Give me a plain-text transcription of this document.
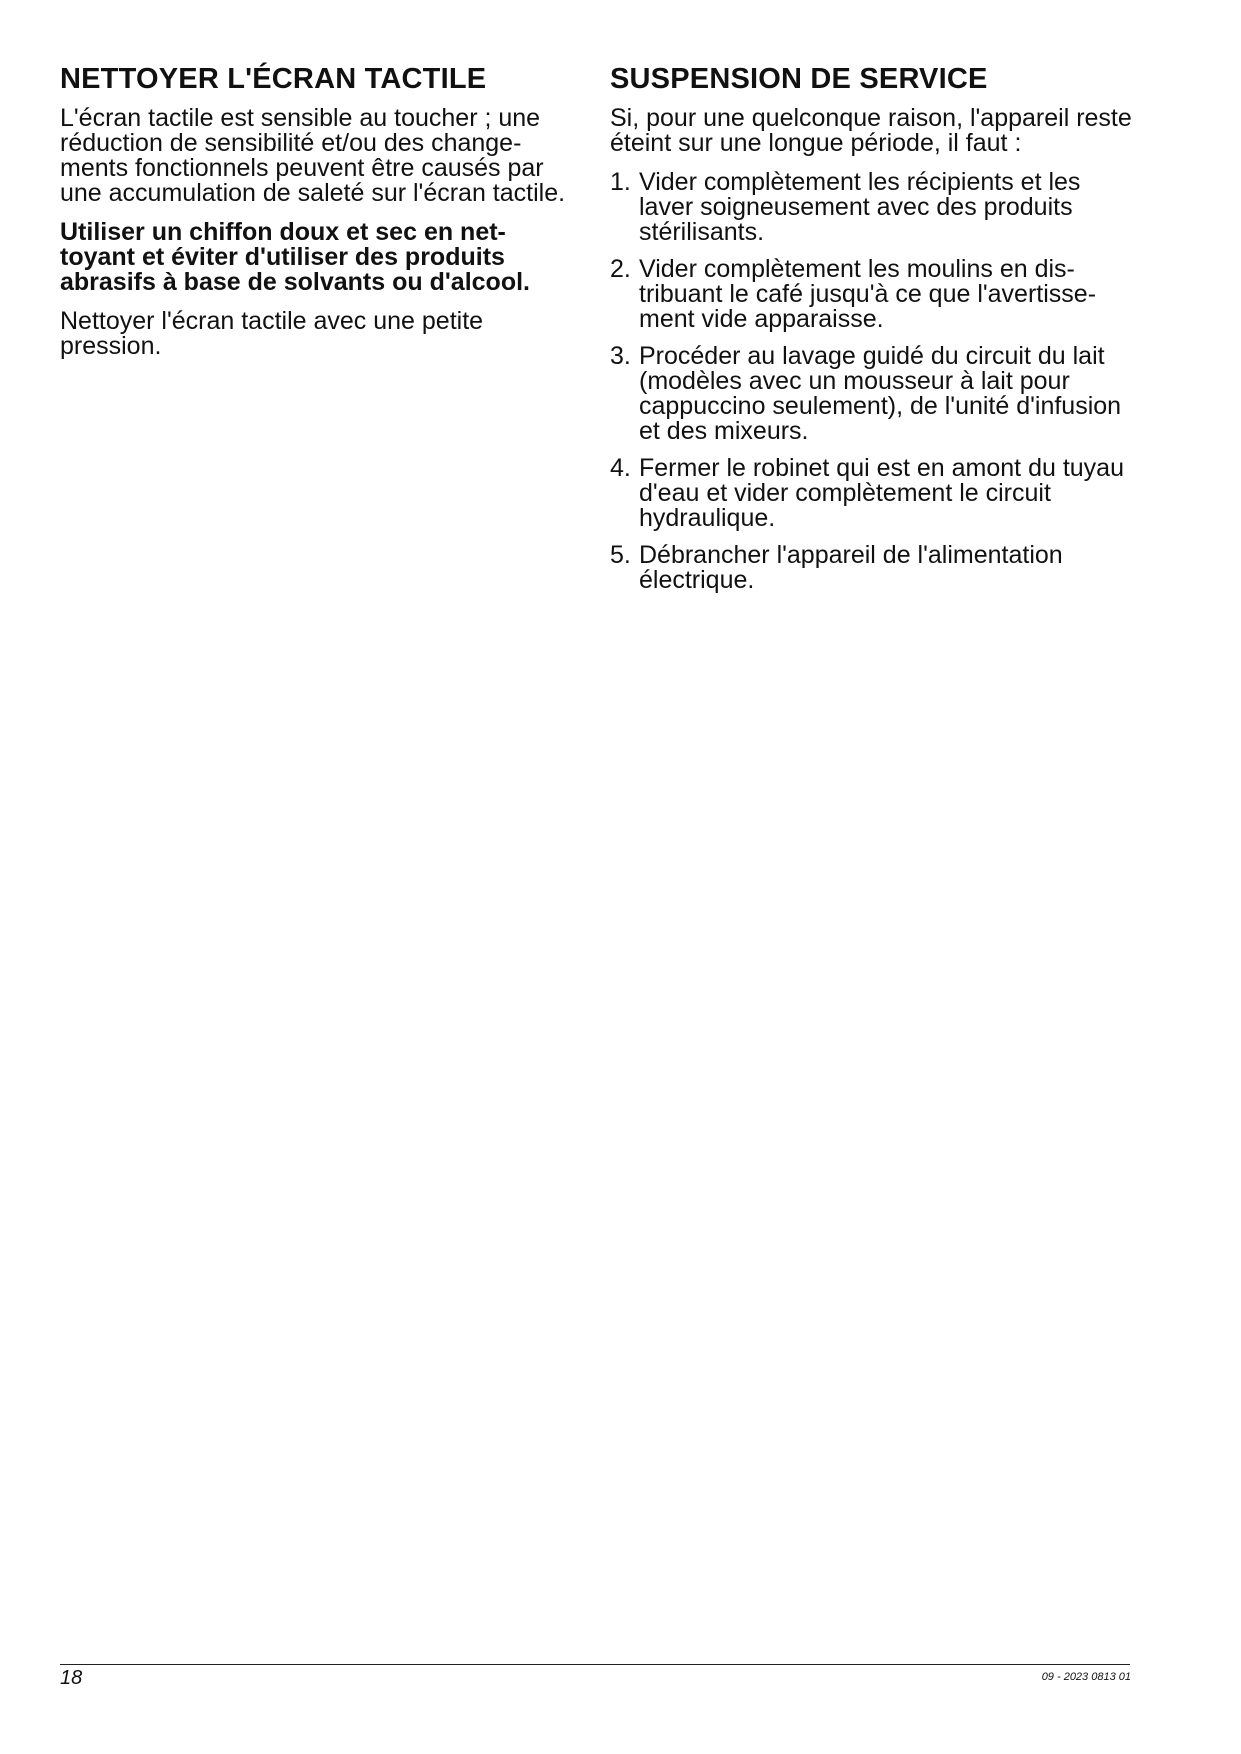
NETTOYER L'ÉCRAN TACTILE

L'écran tactile est sensible au toucher ; une réduction de sensibilité et/ou des change-ments fonctionnels peuvent être causés par une accumulation de saleté sur l'écran tactile.

Utiliser un chiffon doux et sec en net-toyant et éviter d'utiliser des produits abrasifs à base de solvants ou d'alcool.

Nettoyer l'écran tactile avec une petite pression.

SUSPENSION DE SERVICE

Si, pour une quelconque raison, l'appareil reste éteint sur une longue période, il faut :

1. Vider complètement les récipients et les laver soigneusement avec des produits stérilisants.
2. Vider complètement les moulins en dis-tribuant le café jusqu'à ce que l'avertisse-ment vide apparaisse.
3. Procéder au lavage guidé du circuit du lait (modèles avec un mousseur à lait pour cappuccino seulement), de l'unité d'infusion et des mixeurs.
4. Fermer le robinet qui est en amont du tuyau d'eau et vider complètement le circuit hydraulique.
5. Débrancher l'appareil de l'alimentation électrique.
18	09 - 2023 0813 01
